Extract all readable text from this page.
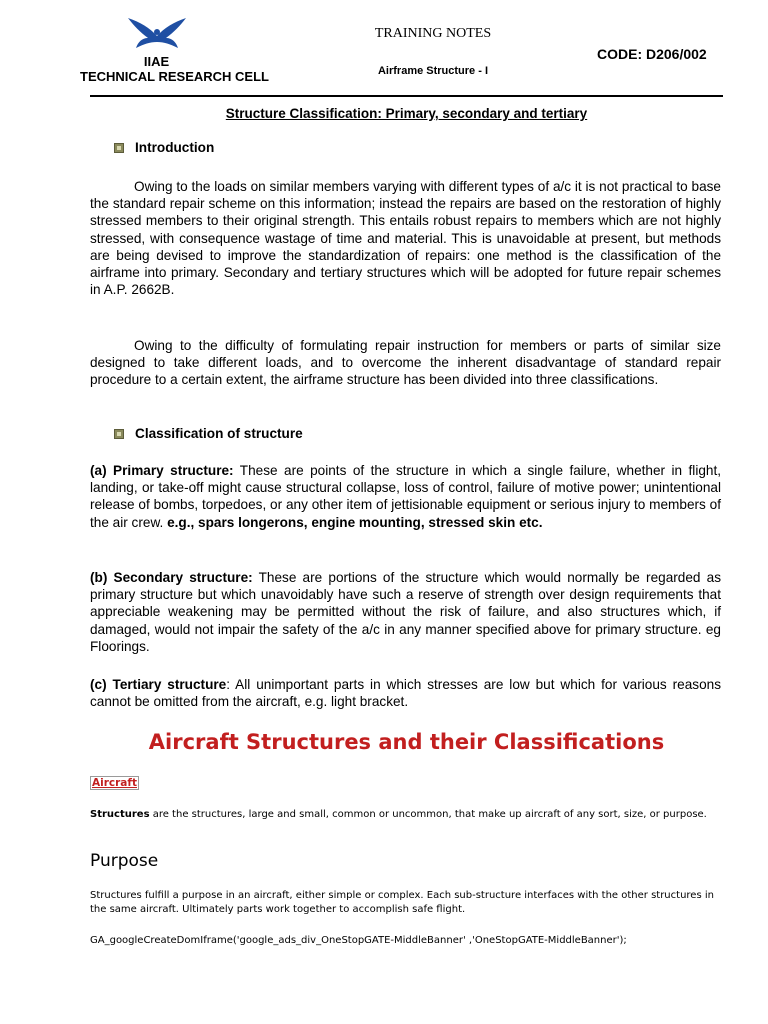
IIAE
TECHNICAL RESEARCH CELL
TRAINING NOTES
CODE: D206/002
Airframe Structure - I
Structure Classification: Primary, secondary and tertiary
Introduction
Owing to the loads on similar members varying with different types of a/c it is not practical to base the standard repair scheme on this information; instead the repairs are based on the restoration of highly stressed members to their original strength. This entails robust repairs to members which are not highly stressed, with consequence wastage of time and material. This is unavoidable at present, but methods are being devised to improve the standardization of repairs: one method is the classification of the airframe into primary. Secondary and tertiary structures which will be adopted for future repair schemes in A.P. 2662B.
Owing to the difficulty of formulating repair instruction for members or parts of similar size designed to take different loads, and to overcome the inherent disadvantage of standard repair procedure to a certain extent, the airframe structure has been divided into three classifications.
Classification of structure
(a) Primary structure: These are points of the structure in which a single failure, whether in flight, landing, or take-off might cause structural collapse, loss of control, failure of motive power; unintentional release of bombs, torpedoes, or any other item of jettisionable equipment or serious injury to members of the air crew. e.g., spars longerons, engine mounting, stressed skin etc.
(b) Secondary structure: These are portions of the structure which would normally be regarded as primary structure but which unavoidably have such a reserve of strength over design requirements that appreciable weakening may be permitted without the risk of failure, and also structures which, if damaged, would not impair the safety of the a/c in any manner specified above for primary structure. eg Floorings.
(c) Tertiary structure: All unimportant parts in which stresses are low but which for various reasons cannot be omitted from the aircraft, e.g. light bracket.
Aircraft Structures and their Classifications
Aircraft
Structures are the structures, large and small, common or uncommon, that make up aircraft of any sort, size, or purpose.
Purpose
Structures fulfill a purpose in an aircraft, either simple or complex. Each sub-structure interfaces with the other structures in the same aircraft. Ultimately parts work together to accomplish safe flight.
GA_googleCreateDomIframe('google_ads_div_OneStopGATE-MiddleBanner' ,'OneStopGATE-MiddleBanner');
